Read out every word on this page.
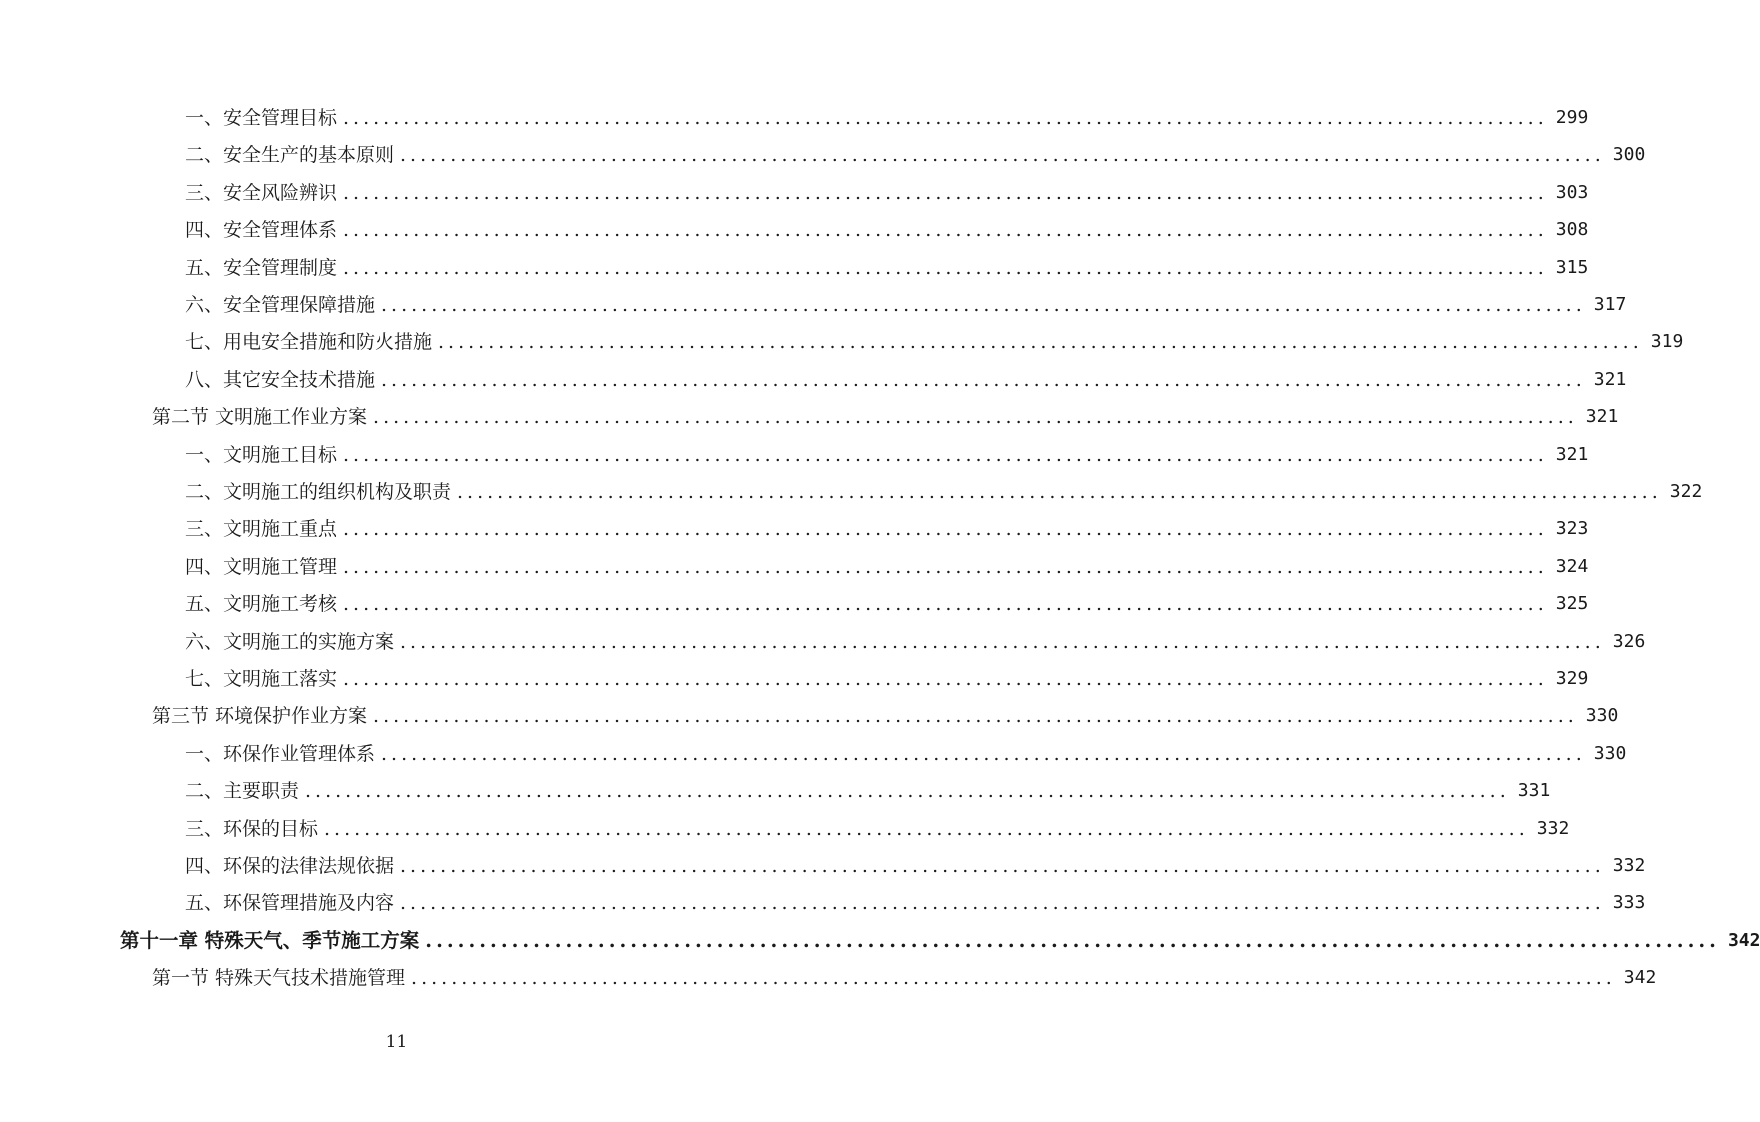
一、安全管理目标 ........................................................................................................................ 299
二、安全生产的基本原则 ........................................................................................................................ 300
三、安全风险辨识 ........................................................................................................................ 303
四、安全管理体系 ........................................................................................................................ 308
五、安全管理制度 ........................................................................................................................ 315
六、安全管理保障措施 ........................................................................................................................ 317
七、用电安全措施和防火措施 ........................................................................................................................ 319
八、其它安全技术措施 ........................................................................................................................ 321
第二节 文明施工作业方案 ........................................................................................................................ 321
一、文明施工目标 ........................................................................................................................ 321
二、文明施工的组织机构及职责 ........................................................................................................................ 322
三、文明施工重点 ........................................................................................................................ 323
四、文明施工管理 ........................................................................................................................ 324
五、文明施工考核 ........................................................................................................................ 325
六、文明施工的实施方案 ........................................................................................................................ 326
七、文明施工落实 ........................................................................................................................ 329
第三节 环境保护作业方案 ........................................................................................................................ 330
一、环保作业管理体系 ........................................................................................................................ 330
二、主要职责 ........................................................................................................................ 331
三、环保的目标 ........................................................................................................................ 332
四、环保的法律法规依据 ........................................................................................................................ 332
五、环保管理措施及内容 ........................................................................................................................ 333
第十一章 特殊天气、季节施工方案 ........................................................................................................................ 342
第一节 特殊天气技术措施管理 ........................................................................................................................ 342
11
